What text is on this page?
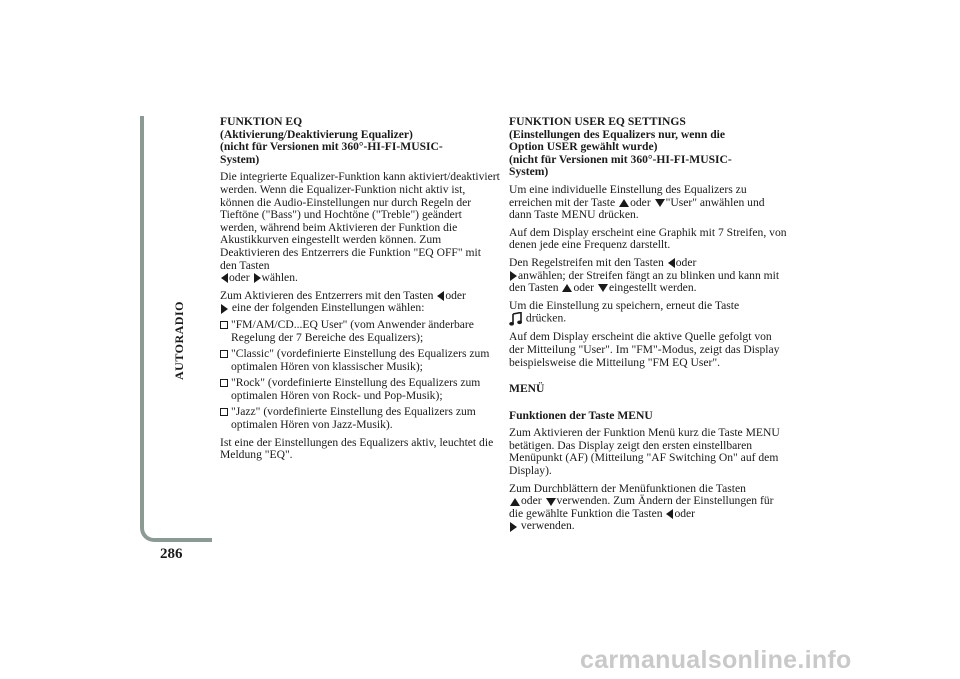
AUTORADIO
286
FUNKTION EQ
(Aktivierung/Deaktivierung Equalizer)
(nicht für Versionen mit 360°-HI-FI-MUSIC-
System)
Die integrierte Equalizer-Funktion kann aktiviert/deaktiviert werden. Wenn die Equalizer-Funktion nicht aktiv ist, können die Audio-Einstellungen nur durch Regeln der Tieftöne ("Bass") und Hochtöne ("Treble") geändert werden, während beim Aktivieren der Funktion die Akustikkurven eingestellt werden können. Zum Deaktivieren des Entzerrers die Funktion "EQ OFF" mit den Tasten
oder wählen.
Zum Aktivieren des Entzerrers mit den Tasten oder
eine der folgenden Einstellungen wählen:
"FM/AM/CD...EQ User" (vom Anwender änderbare Regelung der 7 Bereiche des Equalizers);
"Classic" (vordefinierte Einstellung des Equalizers zum optimalen Hören von klassischer Musik);
"Rock" (vordefinierte Einstellung des Equalizers zum optimalen Hören von Rock- und Pop-Musik);
"Jazz" (vordefinierte Einstellung des Equalizers zum optimalen Hören von Jazz-Musik).
Ist eine der Einstellungen des Equalizers aktiv, leuchtet die Meldung "EQ".
FUNKTION USER EQ SETTINGS
(Einstellungen des Equalizers nur, wenn die
Option USER gewählt wurde)
(nicht für Versionen mit 360°-HI-FI-MUSIC-
System)
Um eine individuelle Einstellung des Equalizers zu erreichen mit der Taste oder "User" anwählen und dann Taste MENU drücken.
Auf dem Display erscheint eine Graphik mit 7 Streifen, von denen jede eine Frequenz darstellt.
Den Regelstreifen mit den Tasten oder
anwählen; der Streifen fängt an zu blinken und kann mit den Tasten oder eingestellt werden.
Um die Einstellung zu speichern, erneut die Taste
drücken.
Auf dem Display erscheint die aktive Quelle gefolgt von der Mitteilung "User". Im "FM"-Modus, zeigt das Display beispielsweise die Mitteilung "FM EQ User".
MENÜ
Funktionen der Taste MENU
Zum Aktivieren der Funktion Menü kurz die Taste MENU betätigen. Das Display zeigt den ersten einstellbaren Menüpunkt (AF) (Mitteilung "AF Switching On" auf dem Display).
Zum Durchblättern der Menüfunktionen die Tasten
oder verwenden. Zum Ändern der Einstellungen für die gewählte Funktion die Tasten oder
verwenden.
carmanualsonline.info
